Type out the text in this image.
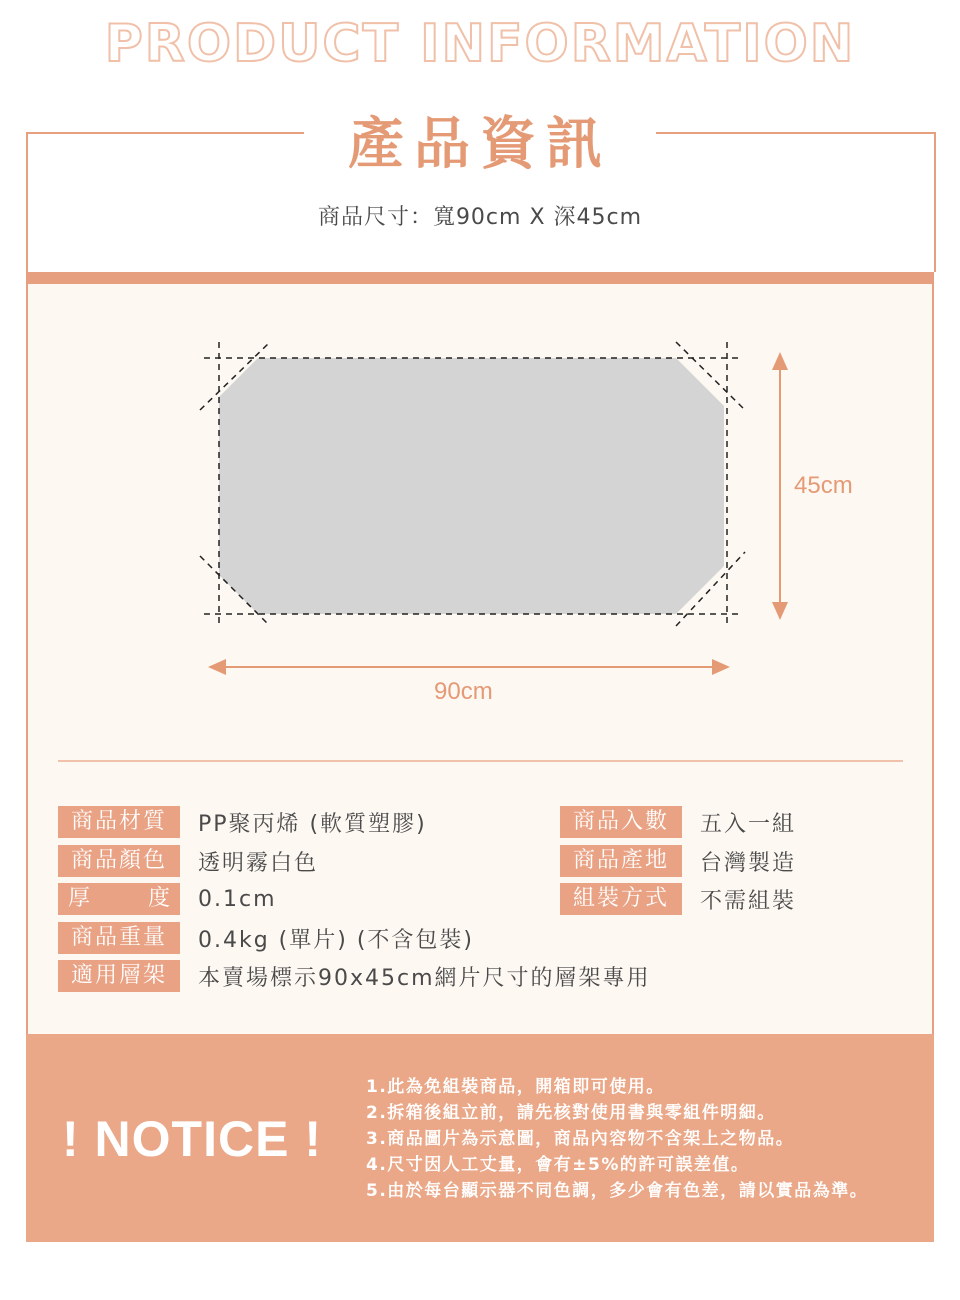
PRODUCT INFORMATION
產品資訊
商品尺寸：寬90cm X 深45cm
45cm
90cm
商品材質	PP聚丙烯 (軟質塑膠)
商品顏色	透明霧白色
厚度	0.1cm
商品重量	0.4kg (單片) (不含包裝)
適用層架	本賣場標示90x45cm網片尺寸的層架專用
商品入數	五入一組
商品產地	台灣製造
組裝方式	不需組裝
! NOTICE !
1.此為免組裝商品，開箱即可使用。
2.拆箱後組立前，請先核對使用書與零組件明細。
3.商品圖片為示意圖，商品內容物不含架上之物品。
4.尺寸因人工丈量，會有±5%的許可誤差值。
5.由於每台顯示器不同色調，多少會有色差，請以實品為準。
